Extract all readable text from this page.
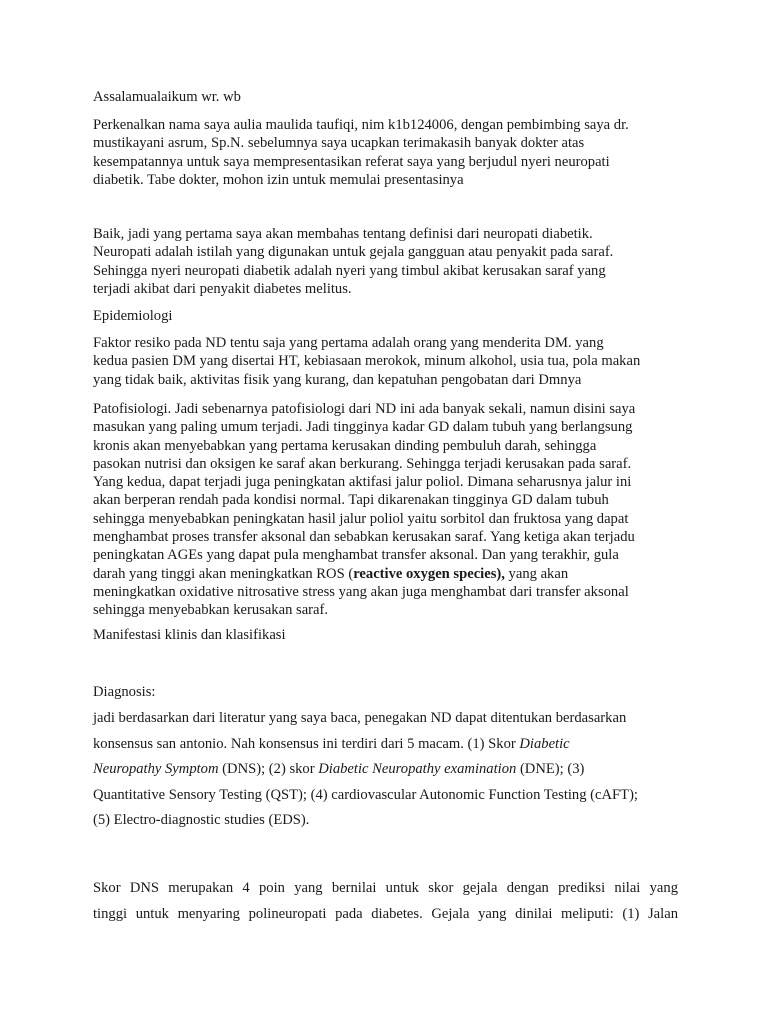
Assalamualaikum wr. wb

Perkenalkan nama saya aulia maulida taufiqi, nim k1b124006, dengan pembimbing saya dr.
mustikayani asrum, Sp.N. sebelumnya saya ucapkan terimakasih banyak dokter atas
kesempatannya untuk saya mempresentasikan referat saya yang berjudul nyeri neuropati
diabetik. Tabe dokter, mohon izin untuk memulai presentasinya

Baik, jadi yang pertama saya akan membahas tentang definisi dari neuropati diabetik.
Neuropati adalah istilah yang digunakan untuk gejala gangguan atau penyakit pada saraf.
Sehingga nyeri neuropati diabetik adalah nyeri yang timbul akibat kerusakan saraf yang
terjadi akibat dari penyakit diabetes melitus.

Epidemiologi

Faktor resiko pada ND tentu saja yang pertama adalah orang yang menderita DM. yang
kedua pasien DM yang disertai HT, kebiasaan merokok, minum alkohol, usia tua, pola makan
yang tidak baik, aktivitas fisik yang kurang, dan kepatuhan pengobatan dari Dmnya

Patofisiologi. Jadi sebenarnya patofisiologi dari ND ini ada banyak sekali, namun disini saya
masukan yang paling umum terjadi. Jadi tingginya kadar GD dalam tubuh yang berlangsung
kronis akan menyebabkan yang pertama kerusakan dinding pembuluh darah, sehingga
pasokan nutrisi dan oksigen ke saraf akan berkurang. Sehingga terjadi kerusakan pada saraf.
Yang kedua, dapat terjadi juga peningkatan aktifasi jalur poliol. Dimana seharusnya jalur ini
akan berperan rendah pada kondisi normal. Tapi dikarenakan tingginya GD dalam tubuh
sehingga menyebabkan peningkatan hasil jalur poliol yaitu sorbitol dan fruktosa yang dapat
menghambat proses transfer aksonal dan sebabkan kerusakan saraf. Yang ketiga akan terjadu
peningkatan AGEs yang dapat pula menghambat transfer aksonal. Dan yang terakhir, gula
darah yang tinggi akan meningkatkan ROS (reactive oxygen species), yang akan
meningkatkan oxidative nitrosative stress yang akan juga menghambat dari transfer aksonal
sehingga menyebabkan kerusakan saraf.

Manifestasi klinis dan klasifikasi

Diagnosis:

jadi berdasarkan dari literatur yang saya baca, penegakan ND dapat ditentukan berdasarkan
konsensus san antonio. Nah konsensus ini terdiri dari 5 macam. (1) Skor Diabetic
Neuropathy Symptom (DNS); (2) skor Diabetic Neuropathy examination (DNE); (3)
Quantitative Sensory Testing (QST); (4) cardiovascular Autonomic Function Testing (cAFT);
(5) Electro-diagnostic studies (EDS).

Skor DNS merupakan 4 poin yang bernilai untuk skor gejala dengan prediksi nilai yang
tinggi untuk menyaring polineuropati pada diabetes. Gejala yang dinilai meliputi: (1) Jalan
